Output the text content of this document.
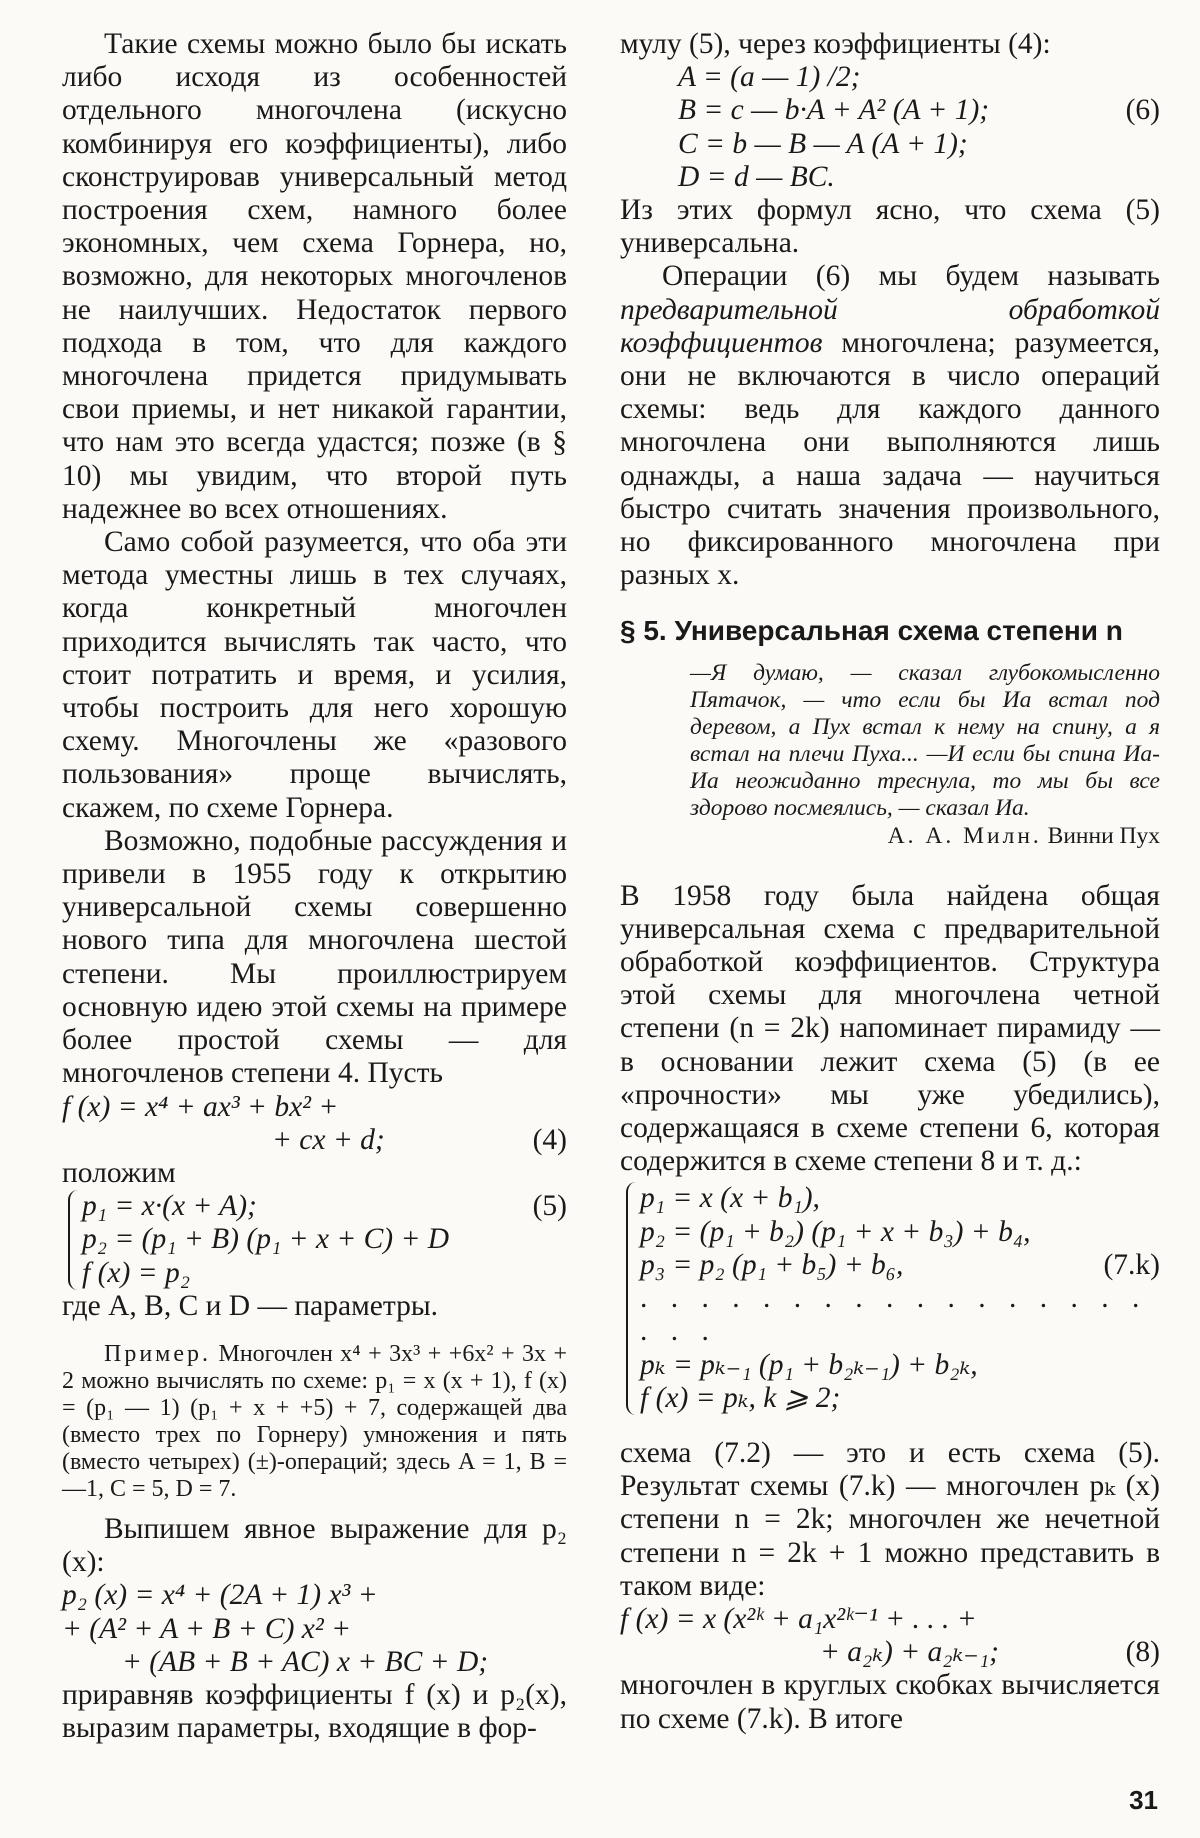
Такие схемы можно было бы искать либо исходя из особенностей отдельного многочлена (искусно комбинируя его коэффициенты), либо сконструировав универсальный метод построения схем, намного более экономных, чем схема Горнера, но, возможно, для некоторых многочленов не наилучших. Недостаток первого подхода в том, что для каждого многочлена придется придумывать свои приемы, и нет никакой гарантии, что нам это всегда удастся; позже (в § 10) мы увидим, что второй путь надежнее во всех отношениях.

Само собой разумеется, что оба эти метода уместны лишь в тех случаях, когда конкретный многочлен приходится вычислять так часто, что стоит потратить и время, и усилия, чтобы построить для него хорошую схему. Многочлены же «разового пользования» проще вычислять, скажем, по схеме Горнера.

Возможно, подобные рассуждения и привели в 1955 году к открытию универсальной схемы совершенно нового типа для многочлена шестой степени. Мы проиллюстрируем основную идею этой схемы на примере более простой схемы — для многочленов степени 4. Пусть

f (x) = x⁴ + ax³ + bx² +
+ cx + d;	(4)
положим
p₁ = x·(x + A);
p₂ = (p₁ + B) (p₁ + x + C) + D
f (x) = p₂
(5)
где A, B, C и D — параметры.

Пример. Многочлен x⁴ + 3x³ + +6x² + 3x + 2 можно вычислять по схеме: p₁ = x (x + 1), f (x) = (p₁ — 1) (p₁ + x + +5) + 7, содержащей два (вместо трех по Горнеру) умножения и пять (вместо четырех) (±)-операций; здесь A = 1, B = —1, C = 5, D = 7.

Выпишем явное выражение для p₂ (x):

p₂ (x) = x⁴ + (2A + 1) x³ +
+ (A² + A + B + C) x² +
+ (AB + B + AC) x + BC + D;

приравняв коэффициенты f (x) и p₂(x), выразим параметры, входящие в фор-

мулу (5), через коэффициенты (4):

A = (a — 1) /2;
B = c — b·A + A² (A + 1);	(6)
C = b — B — A (A + 1);
D = d — BC.

Из этих формул ясно, что схема (5) универсальна.

Операции (6) мы будем называть предварительной обработкой коэффициентов многочлена; разумеется, они не включаются в число операций схемы: ведь для каждого данного многочлена они выполняются лишь однажды, а наша задача — научиться быстро считать значения произвольного, но фиксированного многочлена при разных x.

§ 5. Универсальная схема степени n
—Я думаю, — сказал глубокомысленно Пятачок, — что если бы Иа встал под деревом, а Пух встал к нему на спину, а я встал на плечи Пуха... —И если бы спина Иа-Иа неожиданно треснула, то мы бы все здорово посмеялись, — сказал Иа.
А. А. Милн. Винни Пух

В 1958 году была найдена общая универсальная схема с предварительной обработкой коэффициентов. Структура этой схемы для многочлена четной степени (n = 2k) напоминает пирамиду — в основании лежит схема (5) (в ее «прочности» мы уже убедились), содержащаяся в схеме степени 6, которая содержится в схеме степени 8 и т. д.:

p₁ = x (x + b₁),
p₂ = (p₁ + b₂) (p₁ + x + b₃) + b₄,
p₃ = p₂ (p₁ + b₅) + b₆,	(7.k)
. . . . . . . . . . . . . . . . . . . .
pₖ = pₖ₋₁ (p₁ + b₂ₖ₋₁) + b₂ₖ,
f (x) = pₖ, k ⩾ 2;

схема (7.2) — это и есть схема (5). Результат схемы (7.k) — многочлен pₖ (x) степени n = 2k; многочлен же нечетной степени n = 2k + 1 можно представить в таком виде:

f (x) = x (x²ᵏ + a₁x²ᵏ⁻¹ + . . . +
+ a₂ₖ) + a₂ₖ₋₁;	(8)

многочлен в круглых скобках вычисляется по схеме (7.k). В итоге

31
